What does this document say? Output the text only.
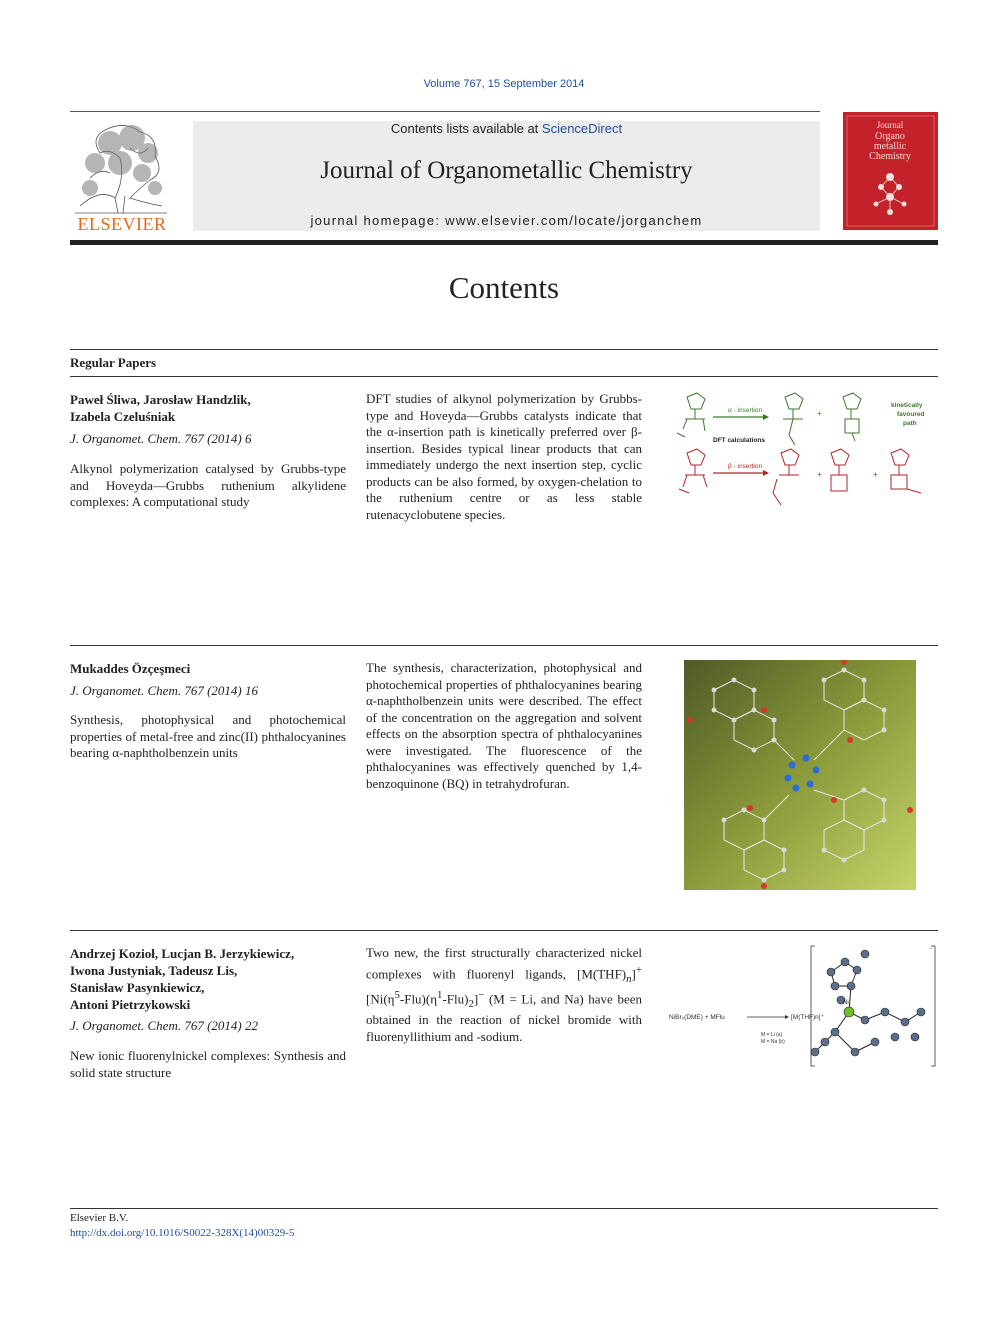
Volume 767, 15 September 2014
ELSEVIER
Contents lists available at ScienceDirect
Journal of Organometallic Chemistry
journal homepage: www.elsevier.com/locate/jorganchem
Journal
Organo
metallic
Chemistry
Contents
Regular Papers
Paweł Śliwa, Jarosław Handzlik,
Izabela Czeluśniak
J. Organomet. Chem. 767 (2014) 6
Alkynol polymerization catalysed by Grubbs-type and Hoveyda—Grubbs ruthenium alkylidene complexes: A computational study
DFT studies of alkynol polymerization by Grubbs-type and Hoveyda—Grubbs catalysts indicate that the α-insertion path is kinetically preferred over β-insertion. Besides typical linear products that can immediately undergo the next insertion step, cyclic products can be also formed, by oxygen-chelation to the ruthenium centre or as less stable rutenacyclobutene species.
α - insertion
DFT calculations
+
kinetically
favoured
path
β - insertion
+	+
Mukaddes Özçeşmeci
J. Organomet. Chem. 767 (2014) 16
Synthesis, photophysical and photochemical properties of metal-free and zinc(II) phthalocyanines bearing α-naphtholbenzein units
The synthesis, characterization, photophysical and photochemical properties of phthalocyanines bearing α-naphtholbenzein units were described. The effect of the concentration on the aggregation and solvent effects on the absorption spectra of phthalocyanines were investigated. The fluorescence of the phthalocyanines was effectively quenched by 1,4-benzoquinone (BQ) in tetrahydrofuran.
Andrzej Kozioł, Lucjan B. Jerzykiewicz,
Iwona Justyniak, Tadeusz Lis,
Stanisław Pasynkiewicz,
Antoni Pietrzykowski
J. Organomet. Chem. 767 (2014) 22
New ionic fluorenylnickel complexes: Synthesis and solid state structure
Two new, the first structurally characterized nickel complexes with fluorenyl ligands, $[M(THF)_n]^+[Ni(\eta^5-Flu)(\eta^1-Flu)_2]^-$ (M = Li, and Na) have been obtained in the reaction of nickel bromide with fluorenyllithium and -sodium.
NiBr₂(DME) + MFlu	[M(THF)n]⁺
M = Li (a)
M = Na (b)
−
Ni
Elsevier B.V.
http://dx.doi.org/10.1016/S0022-328X(14)00329-5
